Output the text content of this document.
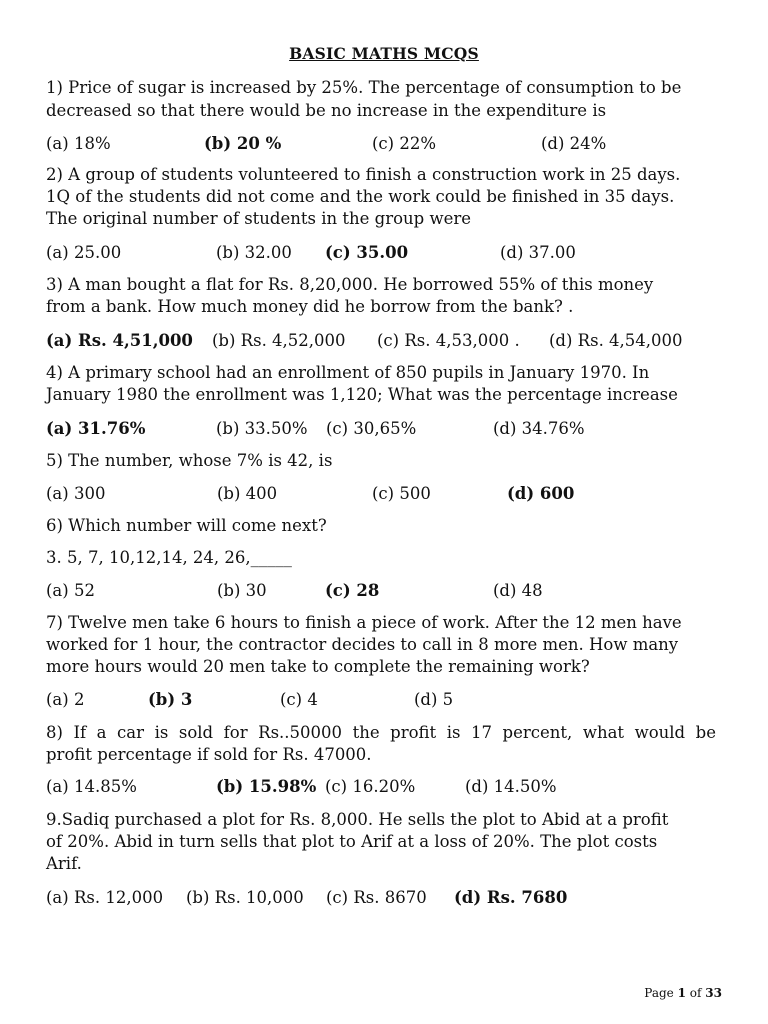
BASIC MATHS MCQS
1) Price of sugar is increased by 25%. The percentage of consumption to be
decreased so that there would be no increase in the expenditure is
(a) 18%	(b) 20 %	(c) 22%	(d) 24%
2) A group of students volunteered to finish a construction work in 25 days.
1Q of the students did not come and the work could be finished in 35 days.
The original number of students in the group were
(a) 25.00	(b) 32.00 (c) 35.00	(d) 37.00
3) A man bought a flat for Rs. 8,20,000. He borrowed 55% of this money
from a bank. How much money did he borrow from the bank? .
(a) Rs. 4,51,000 (b) Rs. 4,52,000 (c) Rs. 4,53,000 . (d) Rs. 4,54,000
4) A primary school had an enrollment of 850 pupils in January 1970. In
January 1980 the enrollment was 1,120; What was the percentage increase
(a) 31.76%	(b) 33.50% (c) 30,65%	(d) 34.76%
5) The number, whose 7% is 42, is
(a) 300	(b) 400	(c) 500	(d) 600
6) Which number will come next?
3. 5, 7, 10,12,14, 24, 26,_____
(a) 52	(b) 30	(c) 28	(d) 48
7) Twelve men take 6 hours to finish a piece of work. After the 12 men have
worked for 1 hour, the contractor decides to call in 8 more men. How many
more hours would 20 men take to complete the remaining work?
(a) 2	(b) 3	(c) 4	(d) 5
8) If a car is sold for Rs..50000 the profit is 17 percent, what would be
profit percentage if sold for Rs. 47000.
(a) 14.85%	(b) 15.98% (c) 16.20%	(d) 14.50%
9.Sadiq purchased a plot for Rs. 8,000. He sells the plot to Abid at a profit
of 20%. Abid in turn sells that plot to Arif at a loss of 20%. The plot costs
Arif.
(a) Rs. 12,000 (b) Rs. 10,000 (c) Rs. 8670 (d) Rs. 7680
Page 1 of 33
